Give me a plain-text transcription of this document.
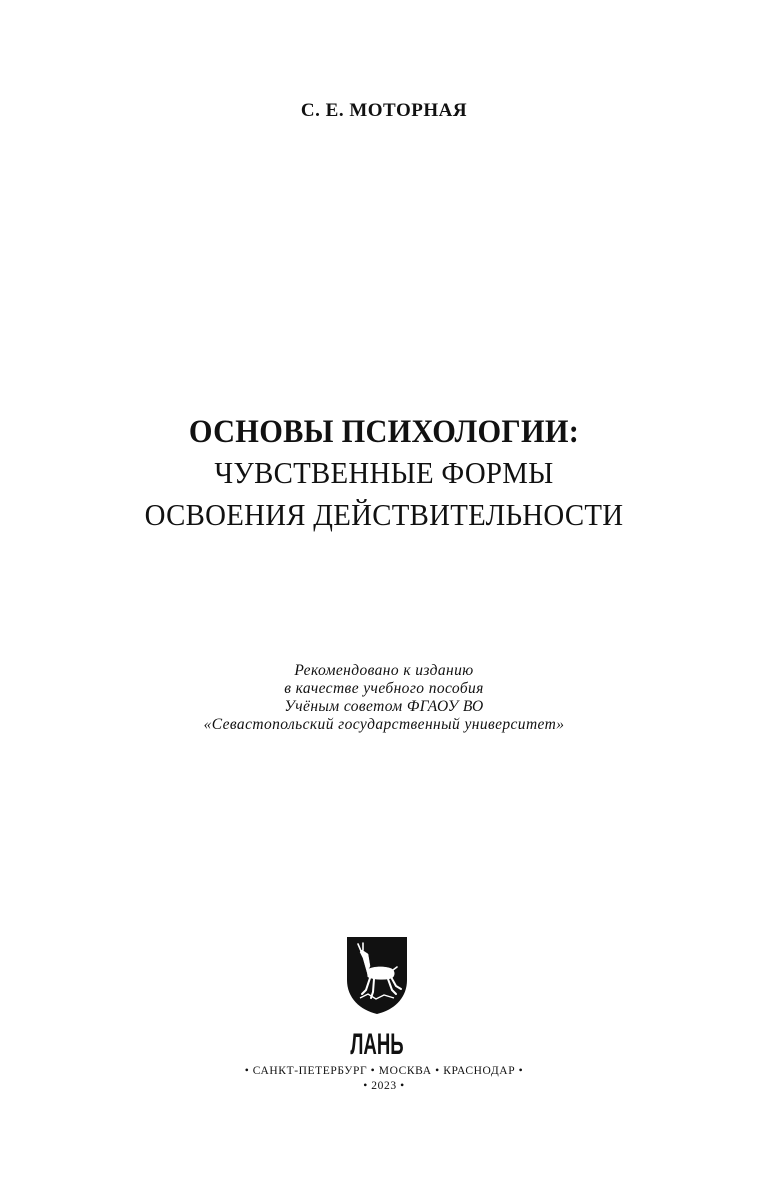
С. Е. МОТОРНАЯ
ОСНОВЫ ПСИХОЛОГИИ:
ЧУВСТВЕННЫЕ ФОРМЫ
ОСВОЕНИЯ ДЕЙСТВИТЕЛЬНОСТИ
Рекомендовано к изданию
в качестве учебного пособия
Учёным советом ФГАОУ ВО
«Севастопольский государственный университет»
ЛАНЬ
• САНКТ-ПЕТЕРБУРГ • МОСКВА • КРАСНОДАР •
• 2023 •
